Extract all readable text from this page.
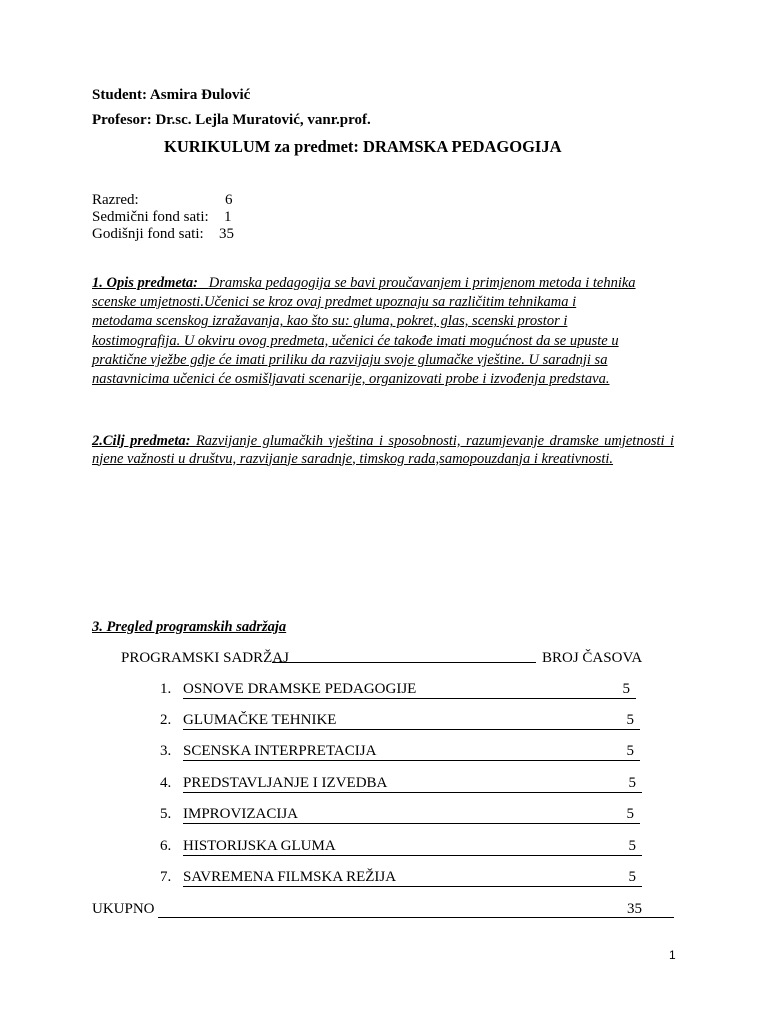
Student: Asmira Đulović
Profesor: Dr.sc. Lejla Muratović, vanr.prof.
KURIKULUM za predmet: DRAMSKA PEDAGOGIJA
Razred:	6
Sedmični fond sati: 1
Godišnji fond sati: 35
1. Opis predmeta: Dramska pedagogija se bavi proučavanjem i primjenom metoda i tehnika
scenske umjetnosti.Učenici se kroz ovaj predmet upoznaju sa različitim tehnikama i
metodama scenskog izražavanja, kao što su: gluma, pokret, glas, scenski prostor i
kostimografija. U okviru ovog predmeta, učenici će takođe imati mogućnost da se upuste u
praktične vježbe gdje će imati priliku da razvijaju svoje glumačke vještine. U saradnji sa
nastavnicima učenici će osmišljavati scenarije, organizovati probe i izvođenja predstava.
2.Cilj predmeta: Razvijanje glumačkih vještina i sposobnosti, razumjevanje dramske umjetnosti i njene važnosti u društvu, razvijanje saradnje, timskog rada,samopouzdanja i kreativnosti.
3. Pregled programskih sadržaja
PROGRAMSKI SADRŽAJ	BROJ ČASOVA
1. OSNOVE DRAMSKE PEDAGOGIJE	5
2. GLUMAČKE TEHNIKE	5
3. SCENSKA INTERPRETACIJA	5
4. PREDSTAVLJANJE I IZVEDBA	5
5. IMPROVIZACIJA	5
6. HISTORIJSKA GLUMA	5
7. SAVREMENA FILMSKA REŽIJA	5
UKUPNO	35
1
